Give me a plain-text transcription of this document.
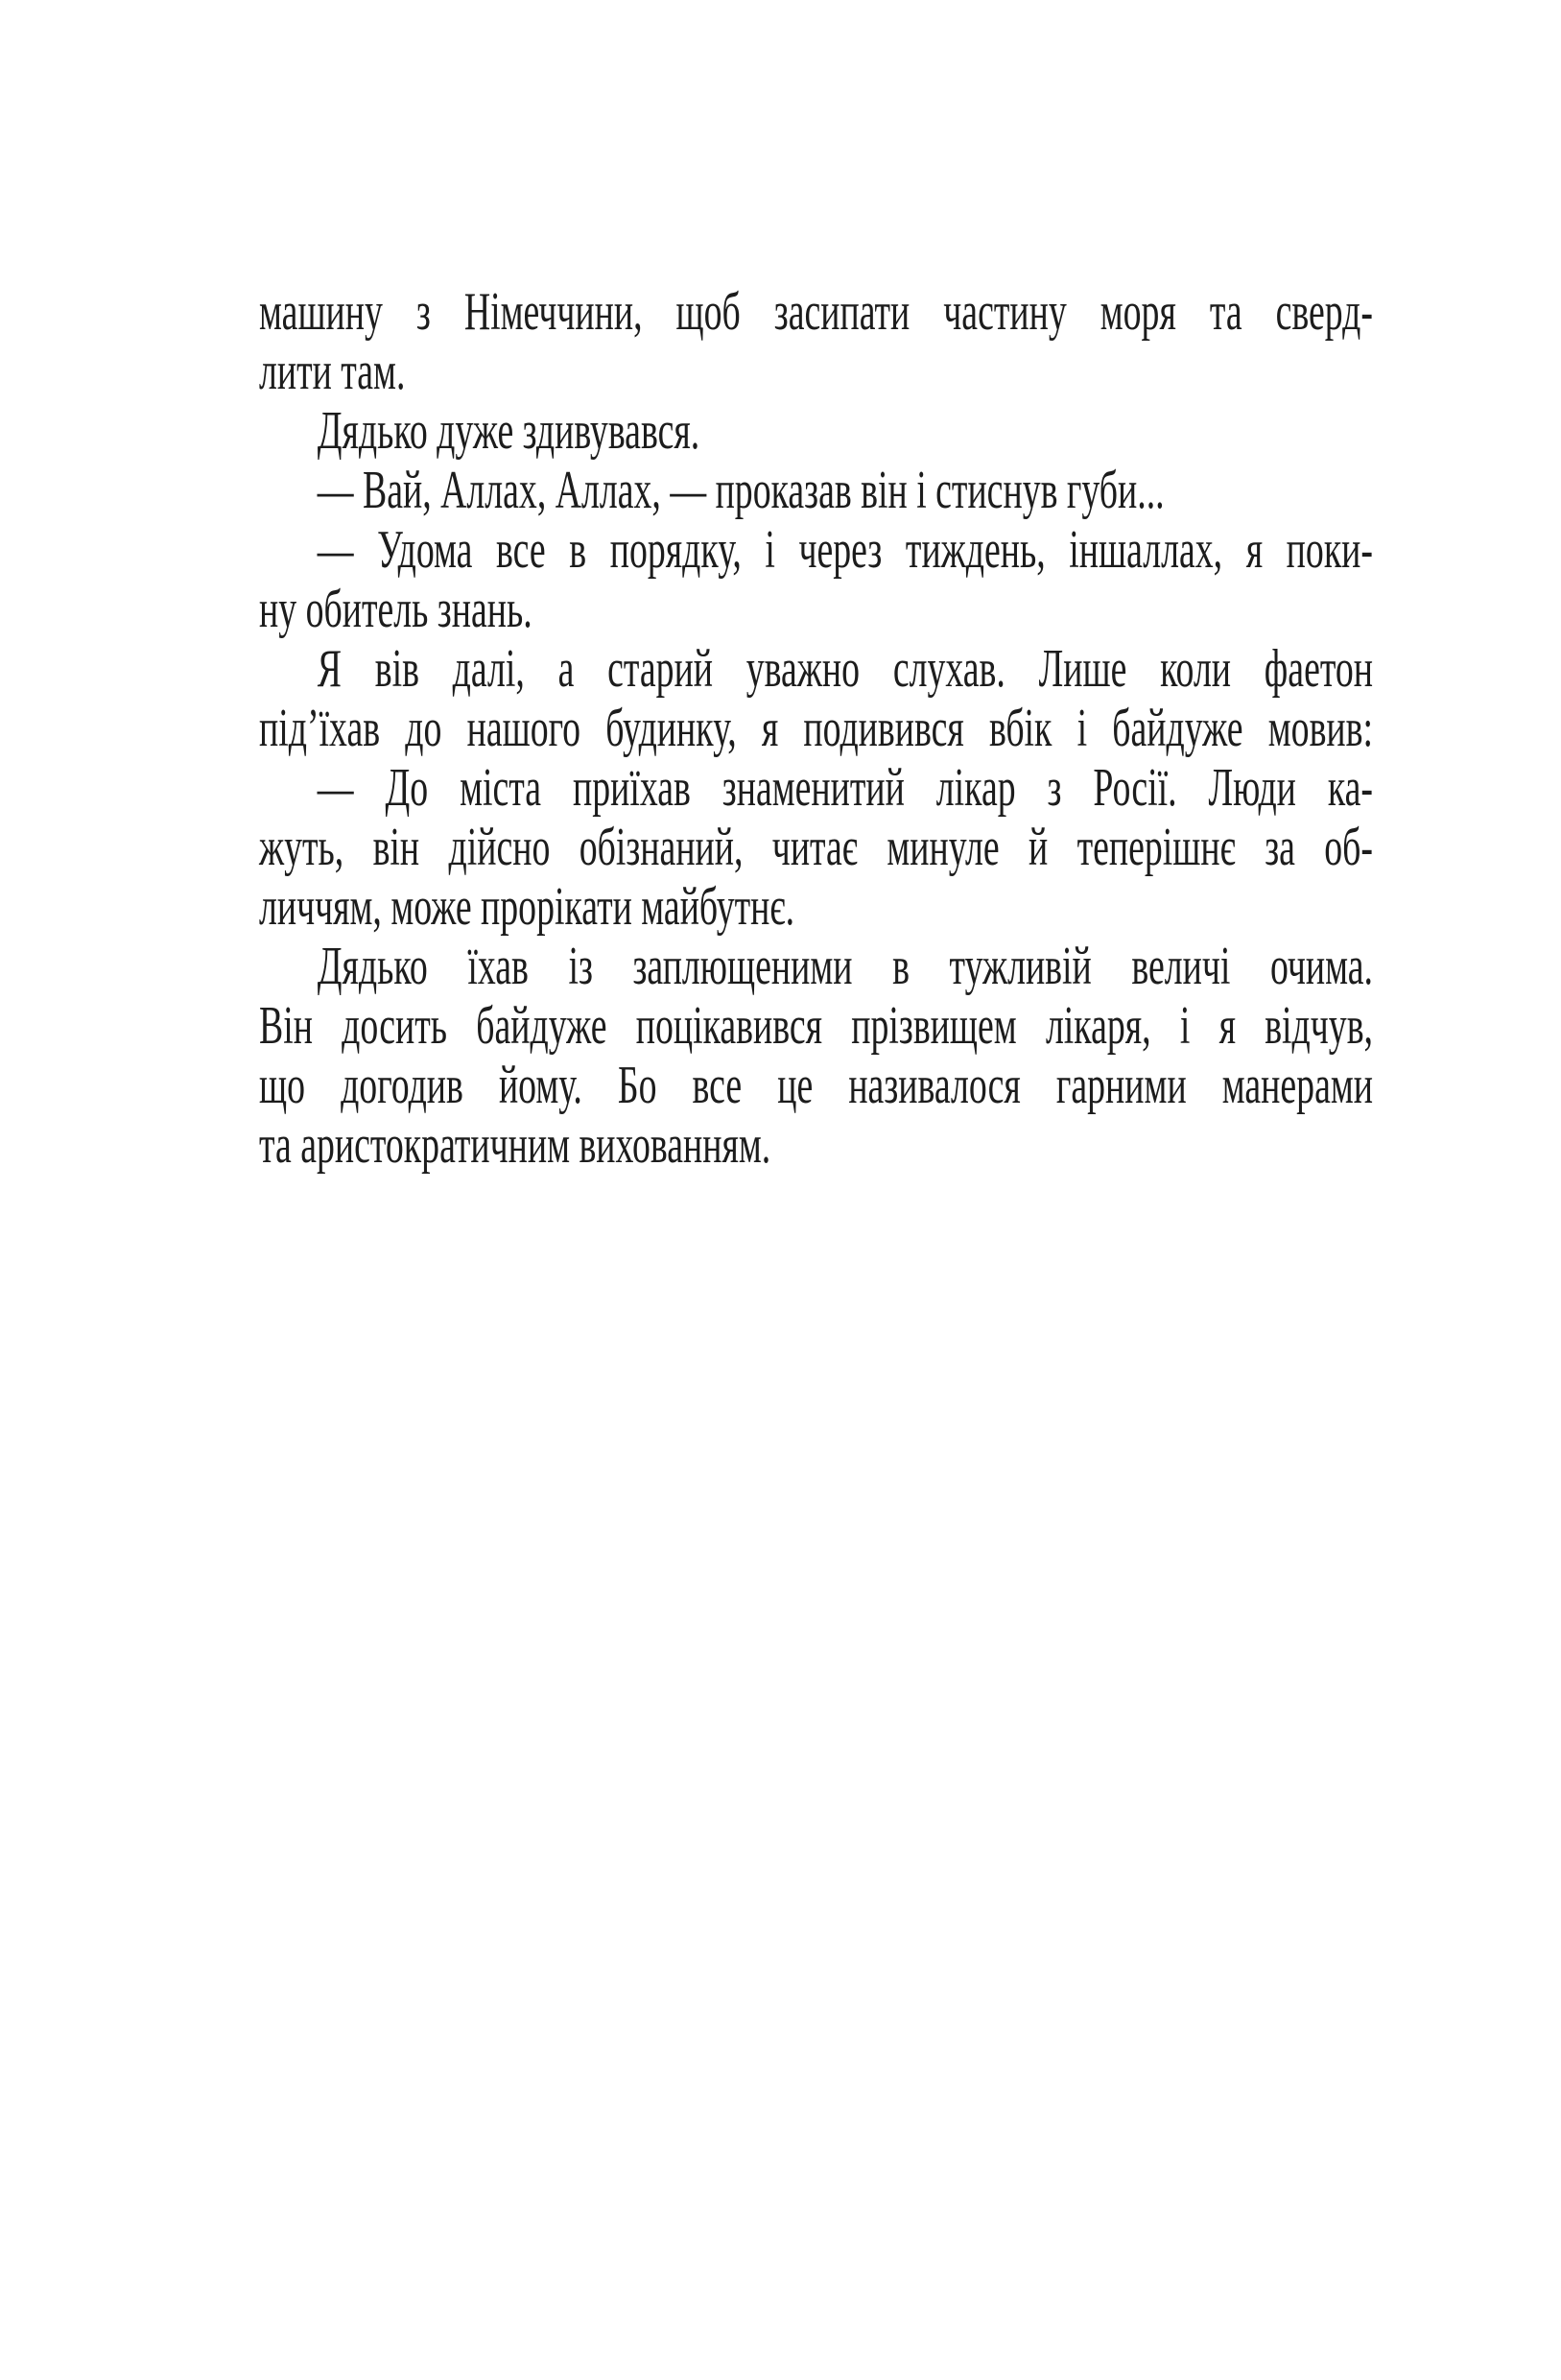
машину з Німеччини, щоб засипати частину моря та сверд-
лити там.
Дядько дуже здивувався.
— Вай, Аллах, Аллах, — проказав він і стиснув губи...
— Удома все в порядку, і через тиждень, іншаллах, я поки-
ну обитель знань.
Я вів далі, а старий уважно слухав. Лише коли фаетон
під’їхав до нашого будинку, я подивився вбік і байдуже мовив:
— До міста приїхав знаменитий лікар з Росії. Люди ка-
жуть, він дійсно обізнаний, читає минуле й теперішнє за об-
личчям, може прорікати майбутнє.
Дядько їхав із заплющеними в тужливій величі очима.
Він досить байдуже поцікавився прізвищем лікаря, і я відчув,
що догодив йому. Бо все це називалося гарними манерами
та аристократичним вихованням.
